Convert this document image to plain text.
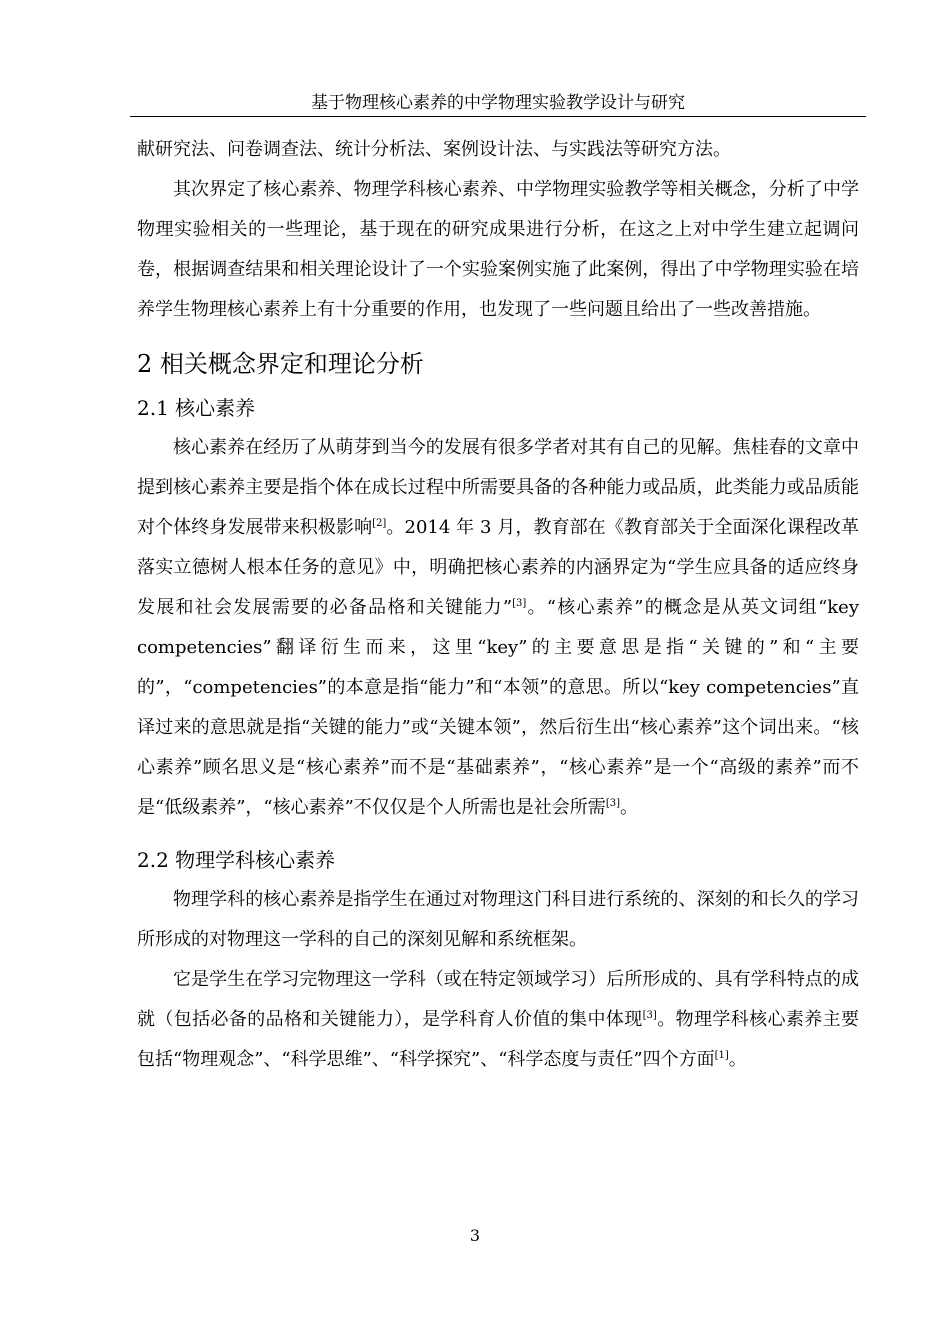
基于物理核心素养的中学物理实验教学设计与研究

献研究法、问卷调查法、统计分析法、案例设计法、与实践法等研究方法。

其次界定了核心素养、物理学科核心素养、中学物理实验教学等相关概念，分析了中学物理实验相关的一些理论，基于现在的研究成果进行分析，在这之上对中学生建立起调问卷，根据调查结果和相关理论设计了一个实验案例实施了此案例，得出了中学物理实验在培养学生物理核心素养上有十分重要的作用，也发现了一些问题且给出了一些改善措施。

2 相关概念界定和理论分析
2.1 核心素养

核心素养在经历了从萌芽到当今的发展有很多学者对其有自己的见解。焦桂春的文章中提到核心素养主要是指个体在成长过程中所需要具备的各种能力或品质，此类能力或品质能对个体终身发展带来积极影响[2]。2014 年 3 月，教育部在《教育部关于全面深化课程改革 落实立德树人根本任务的意见》中，明确把核心素养的内涵界定为“学生应具备的适应终身发展和社会发展需要的必备品格和关键能力”[3]。“核心素养”的概念是从英文词组“key competencies”翻译衍生而来，这里“key”的主要意思是指“关键的”和“主要的”，“competencies”的本意是指“能力”和“本领”的意思。所以“key competencies”直译过来的意思就是指“关键的能力”或“关键本领”，然后衍生出“核心素养”这个词出来。“核心素养”顾名思义是“核心素养”而不是“基础素养”，“核心素养”是一个“高级的素养”而不是“低级素养”，“核心素养”不仅仅是个人所需也是社会所需[3]。

2.2 物理学科核心素养

物理学科的核心素养是指学生在通过对物理这门科目进行系统的、深刻的和长久的学习所形成的对物理这一学科的自己的深刻见解和系统框架。

它是学生在学习完物理这一学科（或在特定领域学习）后所形成的、具有学科特点的成就（包括必备的品格和关键能力），是学科育人价值的集中体现[3]。物理学科核心素养主要包括“物理观念”、“科学思维”、“科学探究”、“科学态度与责任”四个方面[1]。

3
